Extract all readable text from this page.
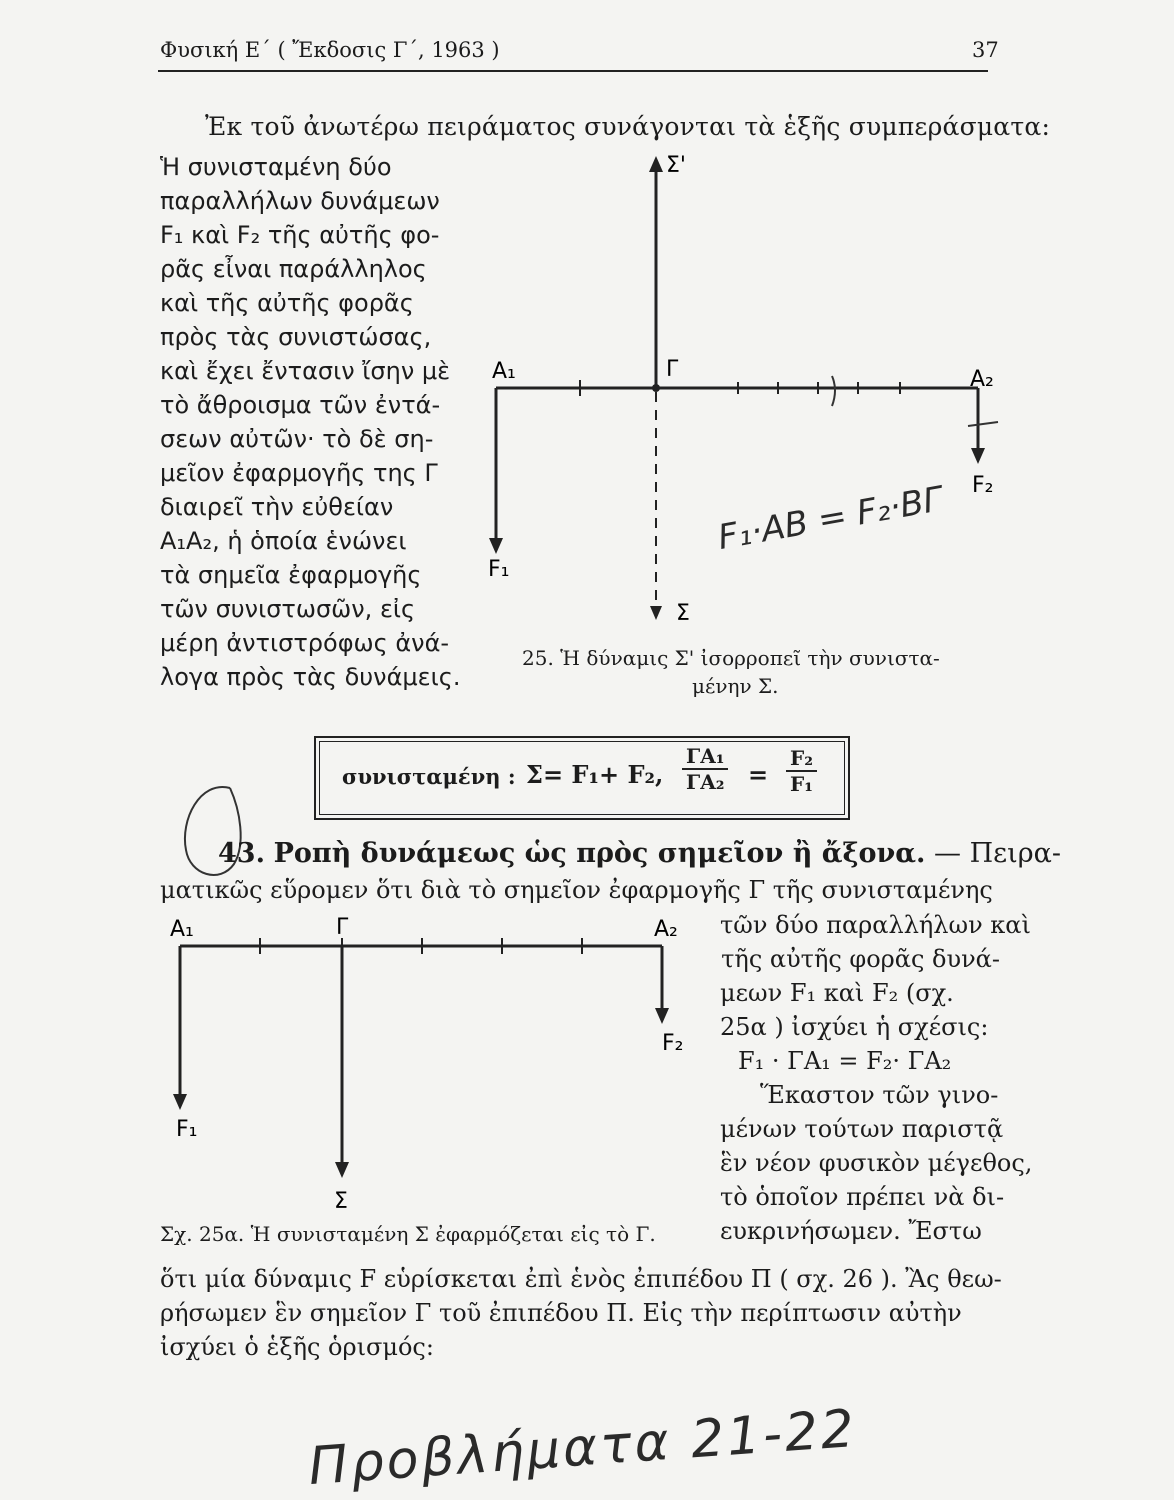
Φυσική Ε΄ ( Ἔκδοσις Γ΄, 1963 )	37
Ἐκ τοῦ ἀνωτέρω πειράματος συνάγονται τὰ ἑξῆς συμπεράσματα:
Ἡ συνισταμένη δύο
παραλλήλων δυνάμεων
F₁ καὶ F₂ τῆς αὐτῆς φο-
ρᾶς εἶναι παράλληλος
καὶ τῆς αὐτῆς φορᾶς
πρὸς τὰς συνιστώσας,
καὶ ἔχει ἔντασιν ἴσην μὲ
τὸ ἄθροισμα τῶν ἐντά-
σεων αὐτῶν· τὸ δὲ ση-
μεῖον ἐφαρμογῆς της Γ
διαιρεῖ τὴν εὐθείαν
A₁A₂, ἡ ὁποία ἑνώνει
τὰ σημεῖα ἐφαρμογῆς
τῶν συνιστωσῶν, εἰς
μέρη ἀντιστρόφως ἀνά-
λογα πρὸς τὰς δυνάμεις.
Σ'
A₁	Γ	A₂
F₁
F₂
Σ
F₁·AB = F₂·BΓ
25. Ἡ δύναμις Σ' ἰσορροπεῖ τὴν συνιστα-
μένην Σ.
συνισταμένη : Σ= F₁+ F₂, $\frac{\text{ΓA₁}}{\text{ΓA₂}} = \frac{\text{F₂}}{\text{F₁}}$
43. Ροπὴ δυνάμεως ὡς πρὸς σημεῖον ἢ ἄξονα. — Πειρα-
ματικῶς εὕρομεν ὅτι διὰ τὸ σημεῖον ἐφαρμογῆς Γ τῆς συνισταμένης
τῶν δύο παραλλήλων καὶ
τῆς αὐτῆς φορᾶς δυνά-
μεων F₁ καὶ F₂ (σχ.
25α ) ἰσχύει ἡ σχέσις:
F₁ · ΓA₁ = F₂· ΓA₂
Ἕκαστον τῶν γινο-
μένων τούτων παριστᾷ
ἓν νέον φυσικὸν μέγεθος,
τὸ ὁποῖον πρέπει νὰ δι-
ευκρινήσωμεν. Ἔστω
A₁	Γ	A₂
F₁
F₂
Σ
Σχ. 25α. Ἡ συνισταμένη Σ ἐφαρμόζεται εἰς τὸ Γ.
ὅτι μία δύναμις F εὑρίσκεται ἐπὶ ἑνὸς ἐπιπέδου Π ( σχ. 26 ). Ἂς θεω-
ρήσωμεν ἓν σημεῖον Γ τοῦ ἐπιπέδου Π. Εἰς τὴν περίπτωσιν αὐτὴν
ἰσχύει ὁ ἑξῆς ὁρισμός:
Προβλήματα 21-22
